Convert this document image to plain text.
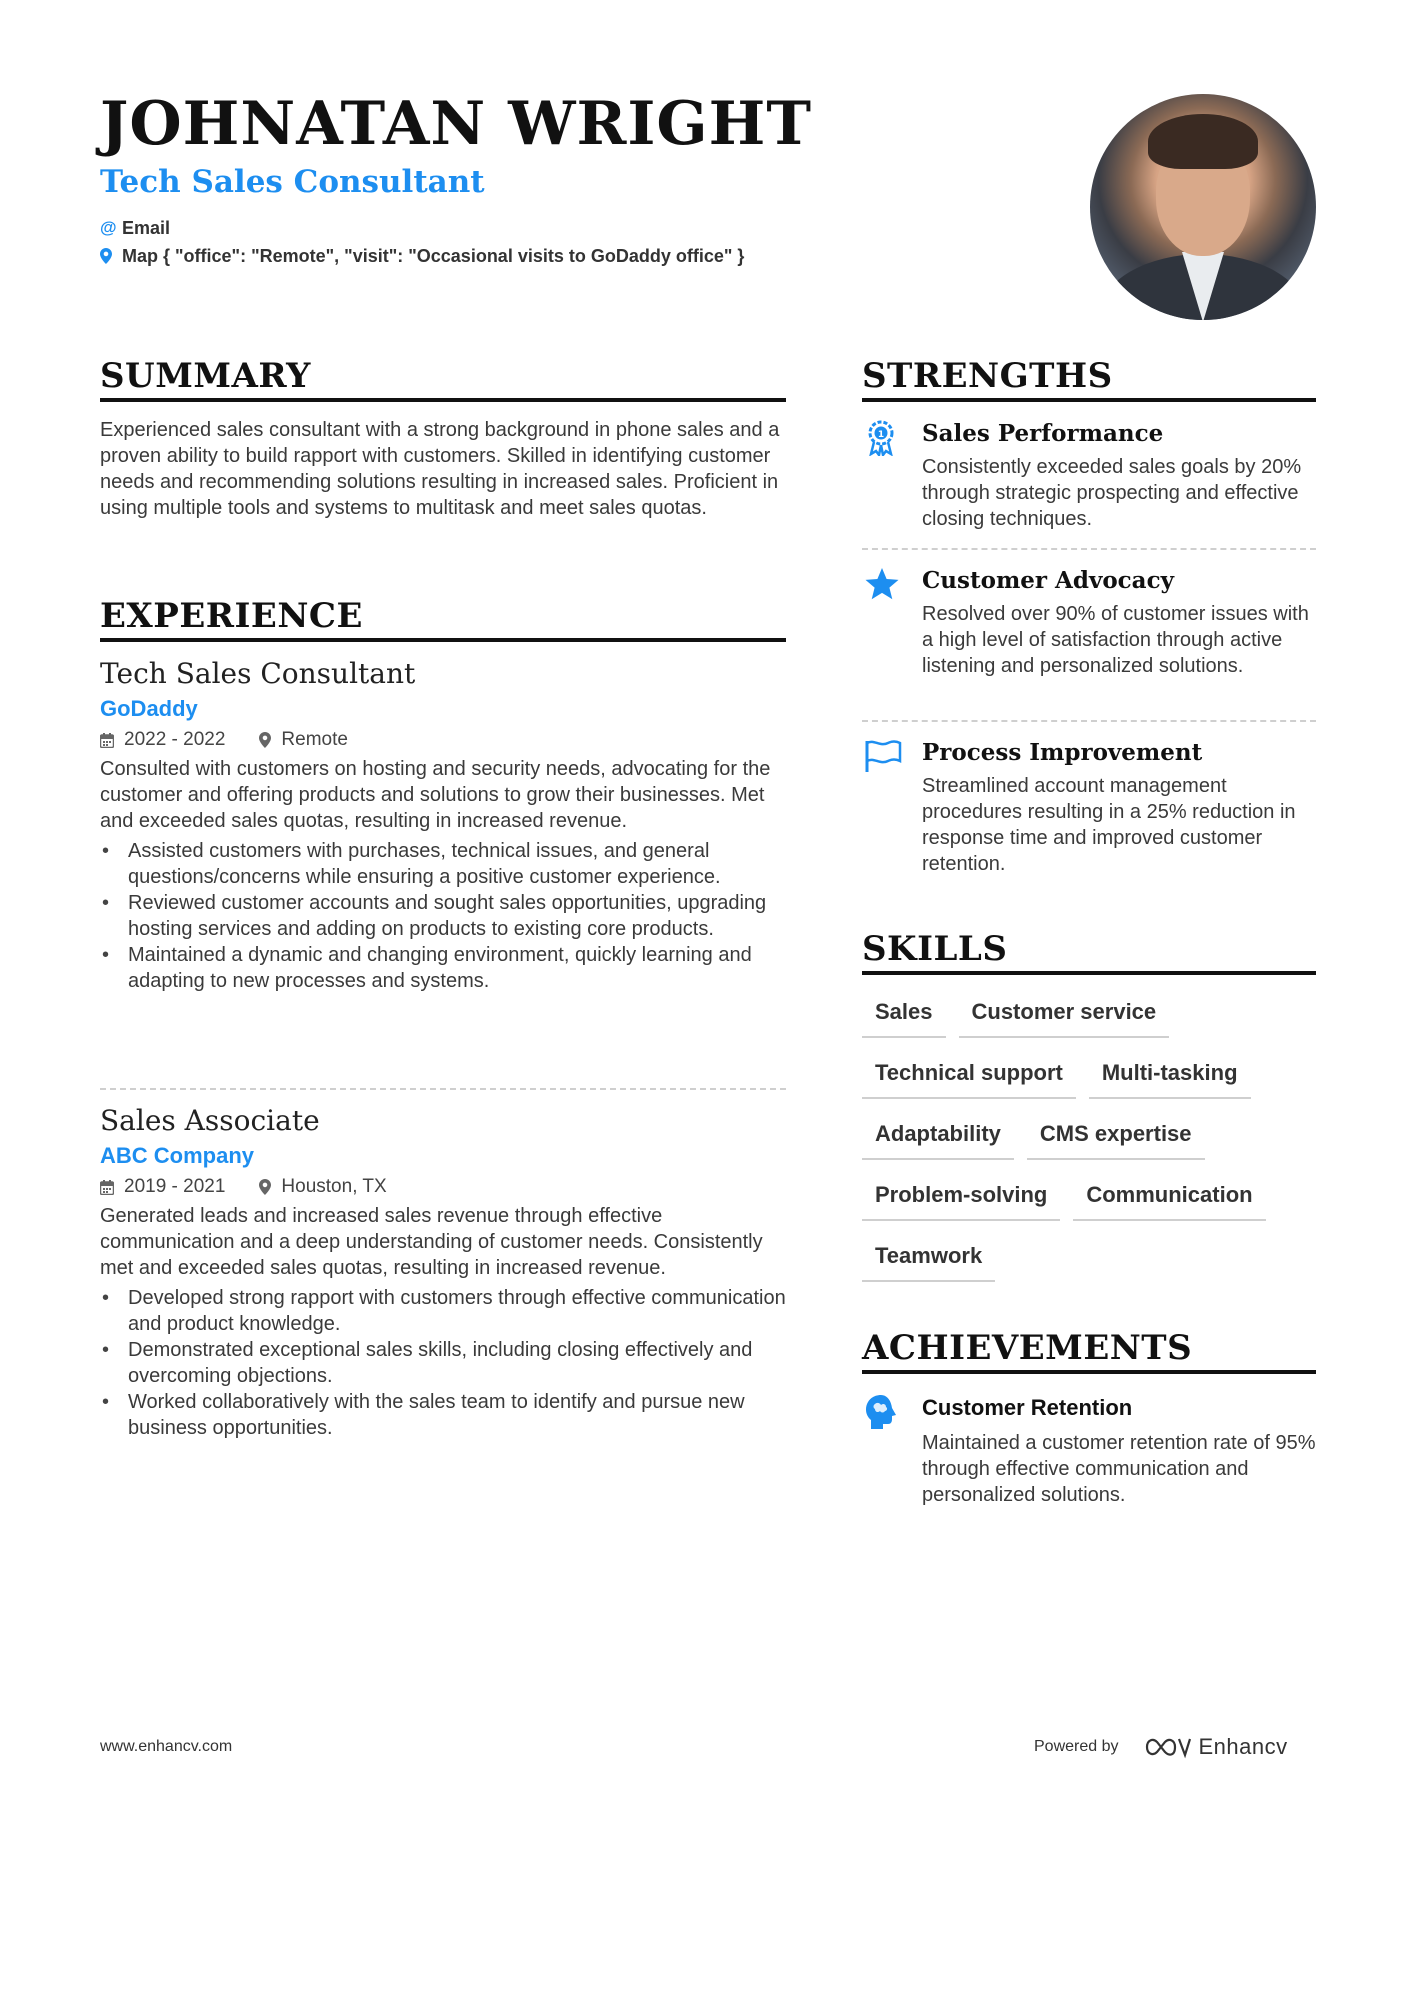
JOHNATAN WRIGHT
Tech Sales Consultant
@ Email
Map { "office": "Remote", "visit": "Occasional visits to GoDaddy office" }
SUMMARY
Experienced sales consultant with a strong background in phone sales and a proven ability to build rapport with customers. Skilled in identifying customer needs and recommending solutions resulting in increased sales. Proficient in using multiple tools and systems to multitask and meet sales quotas.
EXPERIENCE
Tech Sales Consultant
GoDaddy
2022 - 2022	Remote
Consulted with customers on hosting and security needs, advocating for the customer and offering products and solutions to grow their businesses. Met and exceeded sales quotas, resulting in increased revenue.
• Assisted customers with purchases, technical issues, and general questions/concerns while ensuring a positive customer experience.
• Reviewed customer accounts and sought sales opportunities, upgrading hosting services and adding on products to existing core products.
• Maintained a dynamic and changing environment, quickly learning and adapting to new processes and systems.
Sales Associate
ABC Company
2019 - 2021	Houston, TX
Generated leads and increased sales revenue through effective communication and a deep understanding of customer needs. Consistently met and exceeded sales quotas, resulting in increased revenue.
• Developed strong rapport with customers through effective communication and product knowledge.
• Demonstrated exceptional sales skills, including closing effectively and overcoming objections.
• Worked collaboratively with the sales team to identify and pursue new business opportunities.
STRENGTHS
1 Sales Performance
Consistently exceeded sales goals by 20% through strategic prospecting and effective closing techniques.
Customer Advocacy
Resolved over 90% of customer issues with a high level of satisfaction through active listening and personalized solutions.
Process Improvement
Streamlined account management procedures resulting in a 25% reduction in response time and improved customer retention.
SKILLS
Sales	Customer service
Technical support	Multi-tasking
Adaptability	CMS expertise
Problem-solving	Communication
Teamwork
ACHIEVEMENTS
Customer Retention
Maintained a customer retention rate of 95% through effective communication and personalized solutions.
www.enhancv.com	Powered by	Enhancv
